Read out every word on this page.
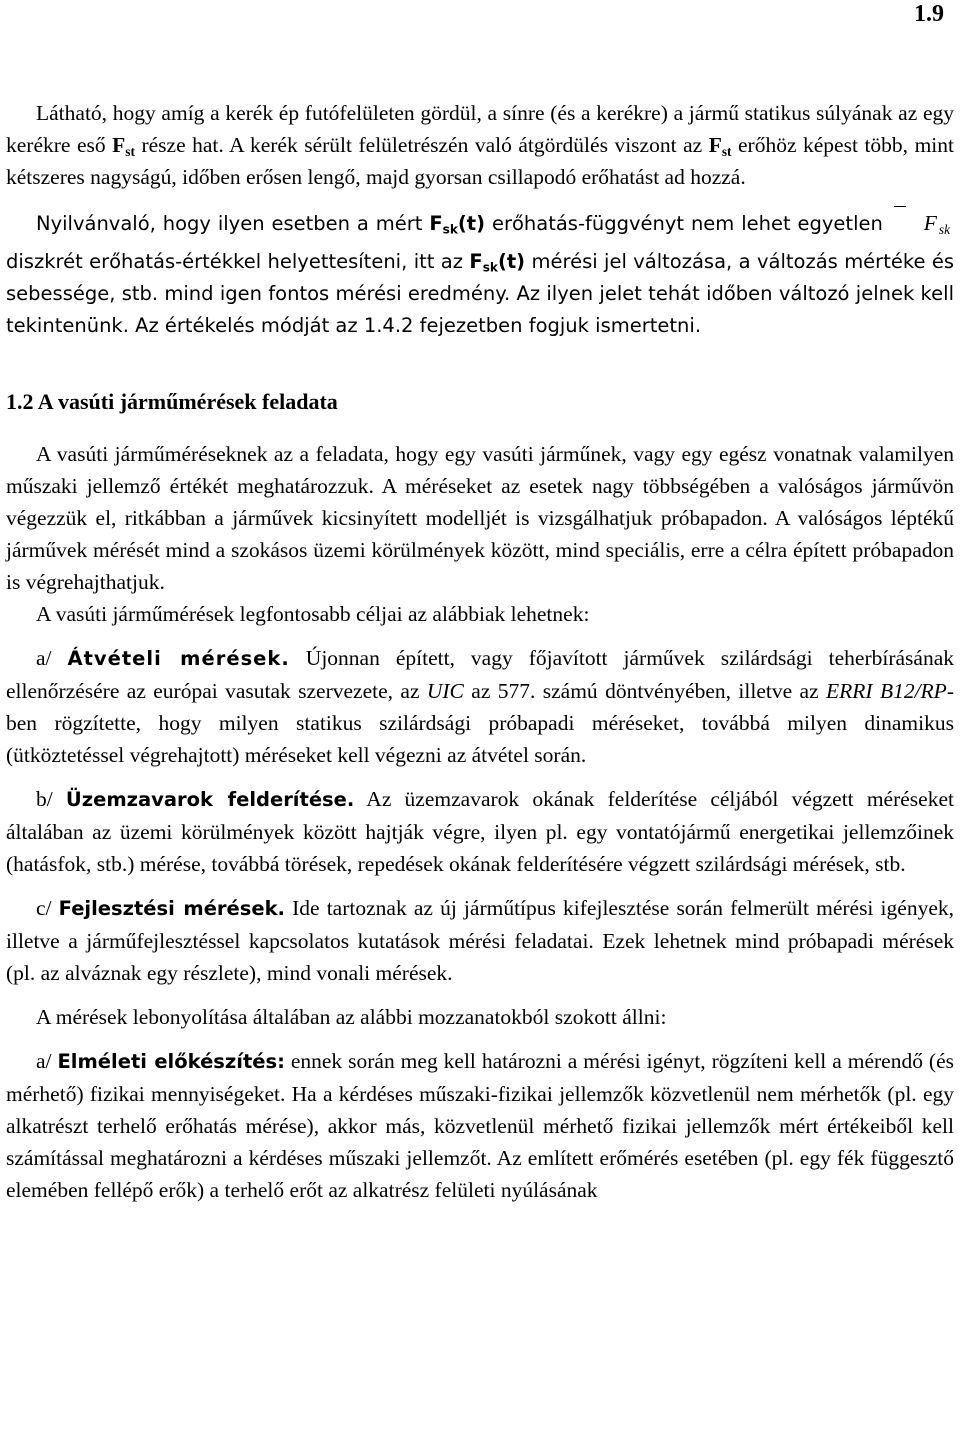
1.9

Látható, hogy amíg a kerék ép futófelületen gördül, a sínre (és a kerékre) a jármű statikus súlyának az egy kerékre eső $F_{st}$ része hat. A kerék sérült felületrészén való átgördülés viszont az $F_{st}$ erőhöz képest több, mint kétszeres nagyságú, időben erősen lengő, majd gyorsan csillapodó erőhatást ad hozzá.

Nyilvánvaló, hogy ilyen esetben a mért $F_{sk}(t)$ erőhatás-függvényt nem lehet egyetlen F sk diszkrét erőhatás-értékkel helyettesíteni, itt az $F_{sk}(t)$ mérési jel változása, a változás mértéke és sebessége, stb. mind igen fontos mérési eredmény. Az ilyen jelet tehát időben változó jelnek kell tekintenünk. Az értékelés módját az 1.4.2 fejezetben fogjuk ismertetni.

1.2 A vasúti járműmérések feladata

A vasúti járműméréseknek az a feladata, hogy egy vasúti járműnek, vagy egy egész vonatnak valamilyen műszaki jellemző értékét meghatározzuk. A méréseket az esetek nagy többségében a valóságos járművön végezzük el, ritkábban a járművek kicsinyített modelljét is vizsgálhatjuk próbapadon. A valóságos léptékű járművek mérését mind a szokásos üzemi körülmények között, mind speciális, erre a célra épített próbapadon is végrehajthatjuk.

A vasúti járműmérések legfontosabb céljai az alábbiak lehetnek:

a/ Átvételi mérések. Újonnan épített, vagy főjavított járművek szilárdsági teherbírásának ellenőrzésére az európai vasutak szervezete, az UIC az 577. számú döntvényében, illetve az ERRI B12/RP-ben rögzítette, hogy milyen statikus szilárdsági próbapadi méréseket, továbbá milyen dinamikus (ütköztetéssel végrehajtott) méréseket kell végezni az átvétel során.

b/ Üzemzavarok felderítése. Az üzemzavarok okának felderítése céljából végzett méréseket általában az üzemi körülmények között hajtják végre, ilyen pl. egy vontatójármű energetikai jellemzőinek (hatásfok, stb.) mérése, továbbá törések, repedések okának felderítésére végzett szilárdsági mérések, stb.

c/ Fejlesztési mérések. Ide tartoznak az új járműtípus kifejlesztése során felmerült mérési igények, illetve a járműfejlesztéssel kapcsolatos kutatások mérési feladatai. Ezek lehetnek mind próbapadi mérések (pl. az alváznak egy részlete), mind vonali mérések.

A mérések lebonyolítása általában az alábbi mozzanatokból szokott állni:

a/ Elméleti előkészítés: ennek során meg kell határozni a mérési igényt, rögzíteni kell a mérendő (és mérhető) fizikai mennyiségeket. Ha a kérdéses műszaki-fizikai jellemzők közvetlenül nem mérhetők (pl. egy alkatrészt terhelő erőhatás mérése), akkor más, közvetlenül mérhető fizikai jellemzők mért értékeiből kell számítással meghatározni a kérdéses műszaki jellemzőt. Az említett erőmérés esetében (pl. egy fék függesztő elemében fellépő erők) a terhelő erőt az alkatrész felületi nyúlásának
